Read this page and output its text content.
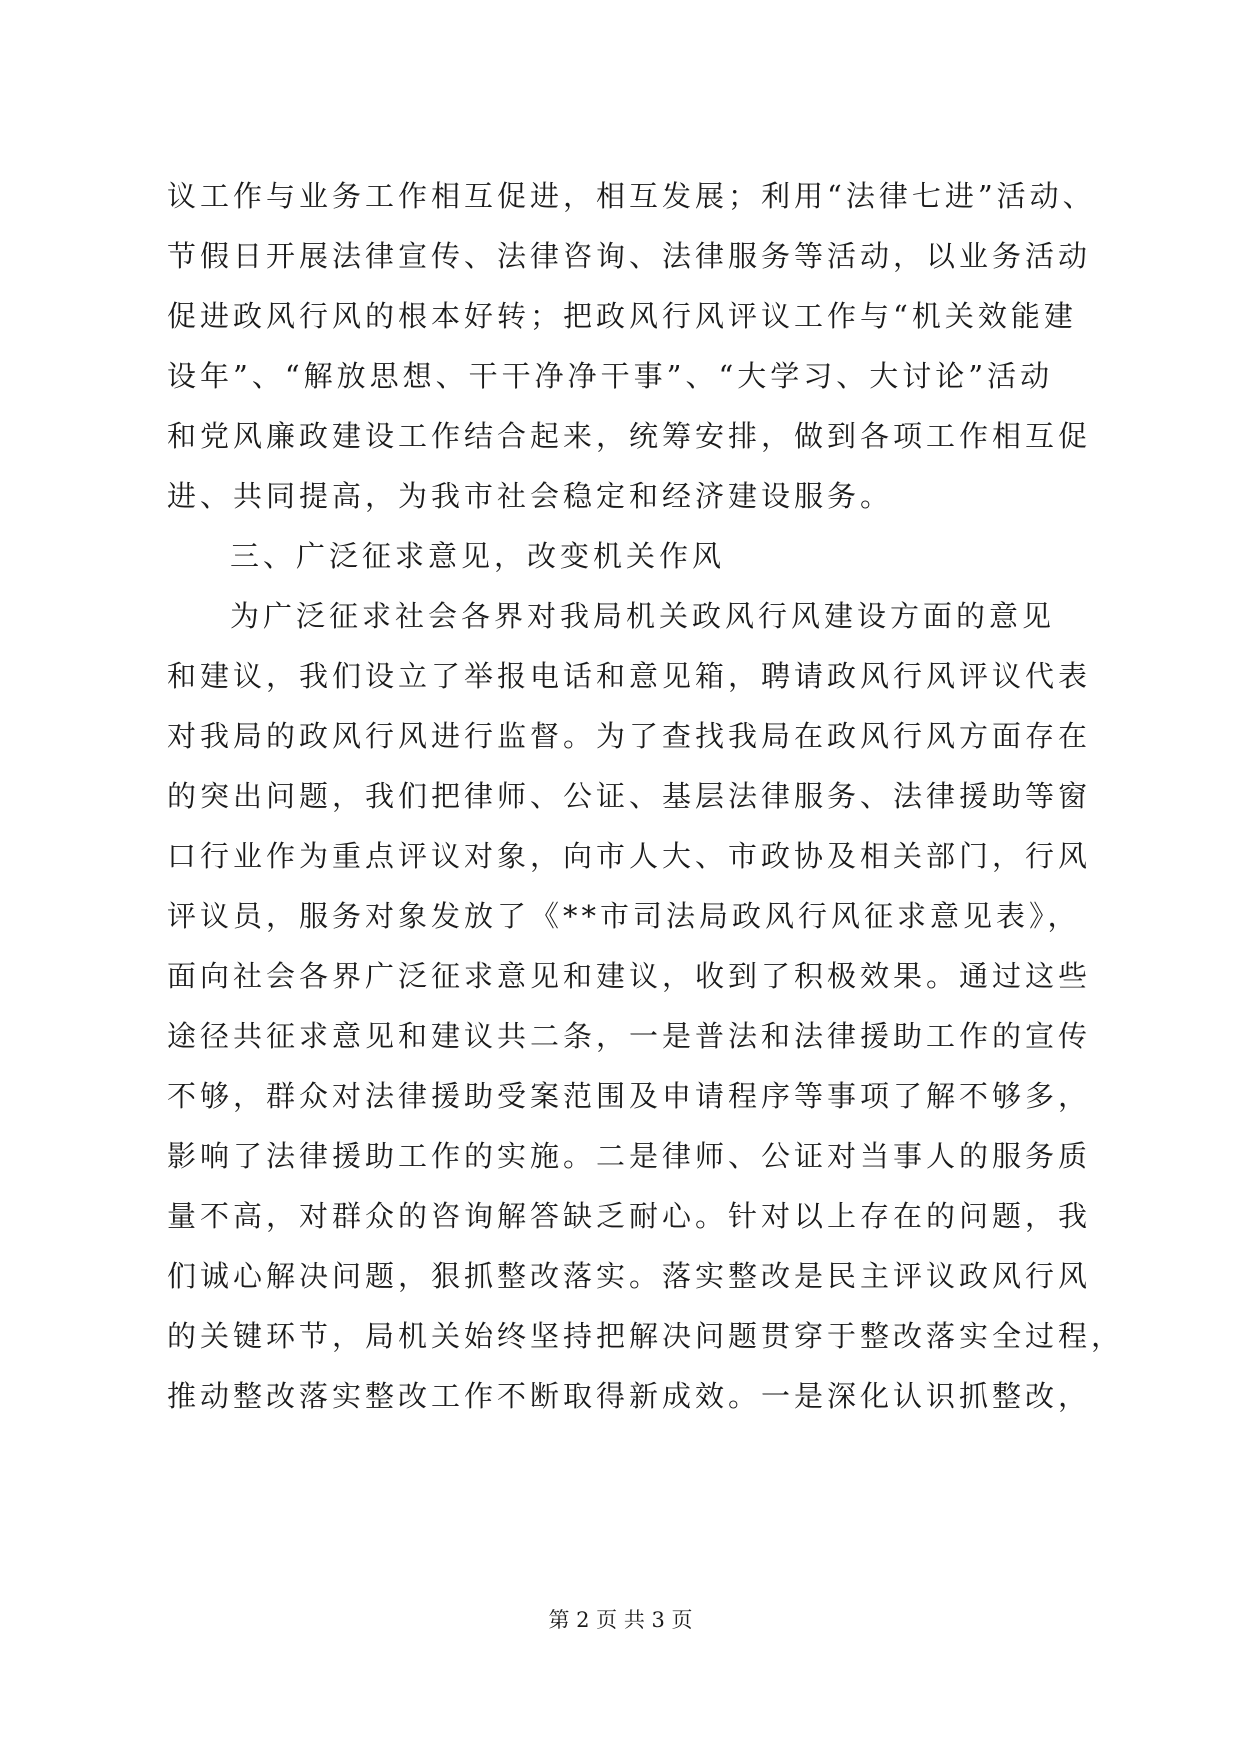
议工作与业务工作相互促进，相互发展；利用“法律七进”活动、
节假日开展法律宣传、法律咨询、法律服务等活动，以业务活动
促进政风行风的根本好转；把政风行风评议工作与“机关效能建
设年”、“解放思想、干干净净干事”、“大学习、大讨论”活动
和党风廉政建设工作结合起来，统筹安排，做到各项工作相互促
进、共同提高，为我市社会稳定和经济建设服务。
三、广泛征求意见，改变机关作风
为广泛征求社会各界对我局机关政风行风建设方面的意见
和建议，我们设立了举报电话和意见箱，聘请政风行风评议代表
对我局的政风行风进行监督。为了查找我局在政风行风方面存在
的突出问题，我们把律师、公证、基层法律服务、法律援助等窗
口行业作为重点评议对象，向市人大、市政协及相关部门，行风
评议员，服务对象发放了《**市司法局政风行风征求意见表》，
面向社会各界广泛征求意见和建议，收到了积极效果。通过这些
途径共征求意见和建议共二条，一是普法和法律援助工作的宣传
不够，群众对法律援助受案范围及申请程序等事项了解不够多，
影响了法律援助工作的实施。二是律师、公证对当事人的服务质
量不高，对群众的咨询解答缺乏耐心。针对以上存在的问题，我
们诚心解决问题，狠抓整改落实。落实整改是民主评议政风行风
的关键环节，局机关始终坚持把解决问题贯穿于整改落实全过程，
推动整改落实整改工作不断取得新成效。一是深化认识抓整改，
第 2 页 共 3 页
